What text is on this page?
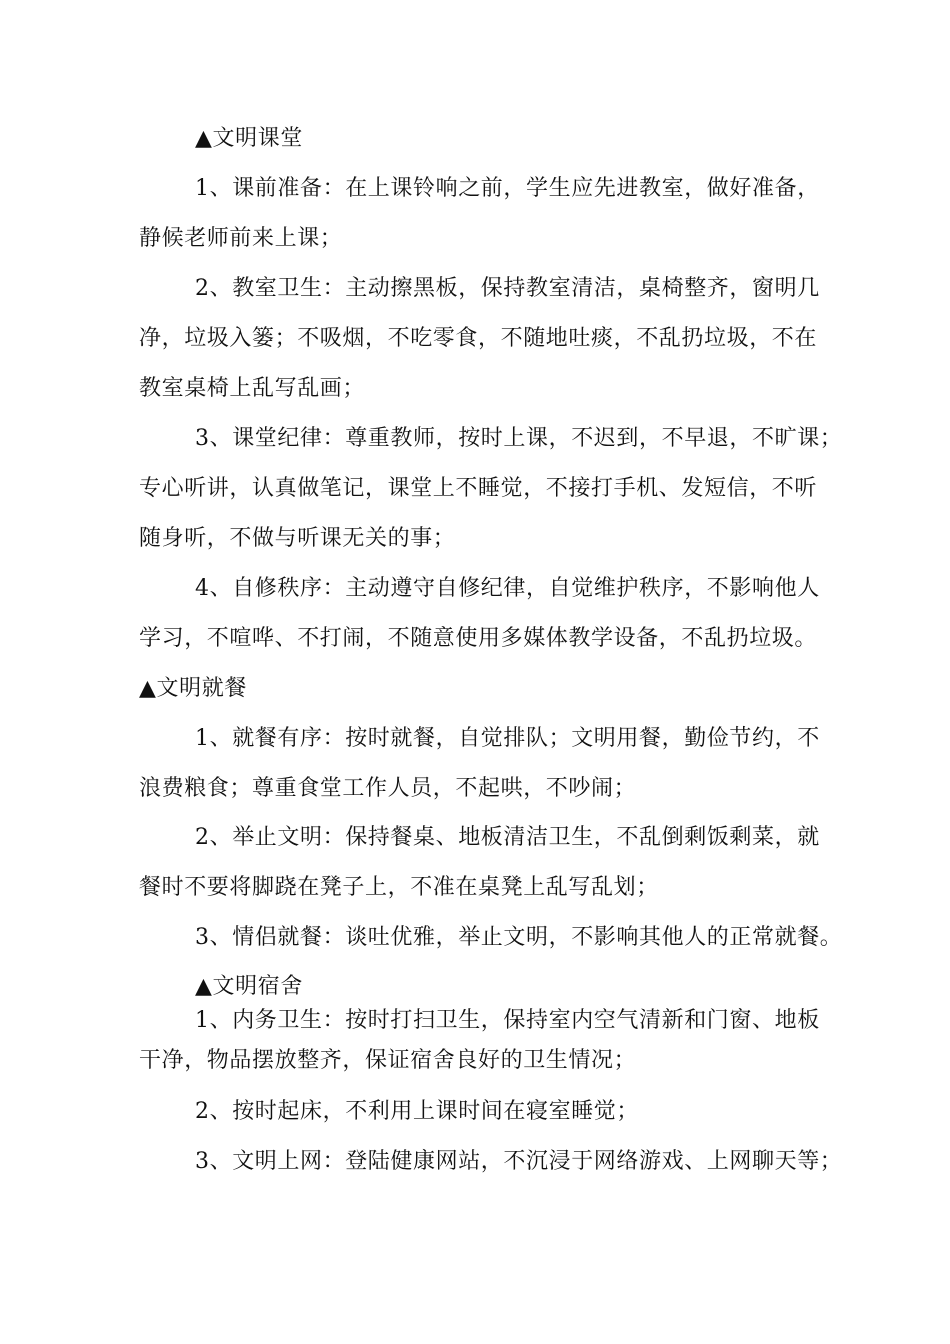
▲文明课堂
1、课前准备：在上课铃响之前，学生应先进教室，做好准备，
静候老师前来上课；
2、教室卫生：主动擦黑板，保持教室清洁，桌椅整齐，窗明几
净，垃圾入篓；不吸烟，不吃零食，不随地吐痰，不乱扔垃圾，不在
教室桌椅上乱写乱画；
3、课堂纪律：尊重教师，按时上课，不迟到，不早退，不旷课；
专心听讲，认真做笔记，课堂上不睡觉，不接打手机、发短信，不听
随身听，不做与听课无关的事；
4、自修秩序：主动遵守自修纪律，自觉维护秩序，不影响他人
学习，不喧哗、不打闹，不随意使用多媒体教学设备，不乱扔垃圾。
▲文明就餐
1、就餐有序：按时就餐，自觉排队；文明用餐，勤俭节约，不
浪费粮食；尊重食堂工作人员，不起哄，不吵闹；
2、举止文明：保持餐桌、地板清洁卫生，不乱倒剩饭剩菜，就
餐时不要将脚跷在凳子上，不准在桌凳上乱写乱划；
3、情侣就餐：谈吐优雅，举止文明，不影响其他人的正常就餐。
▲文明宿舍
1、内务卫生：按时打扫卫生，保持室内空气清新和门窗、地板
干净，物品摆放整齐，保证宿舍良好的卫生情况；
2、按时起床，不利用上课时间在寝室睡觉；
3、文明上网：登陆健康网站，不沉浸于网络游戏、上网聊天等；
